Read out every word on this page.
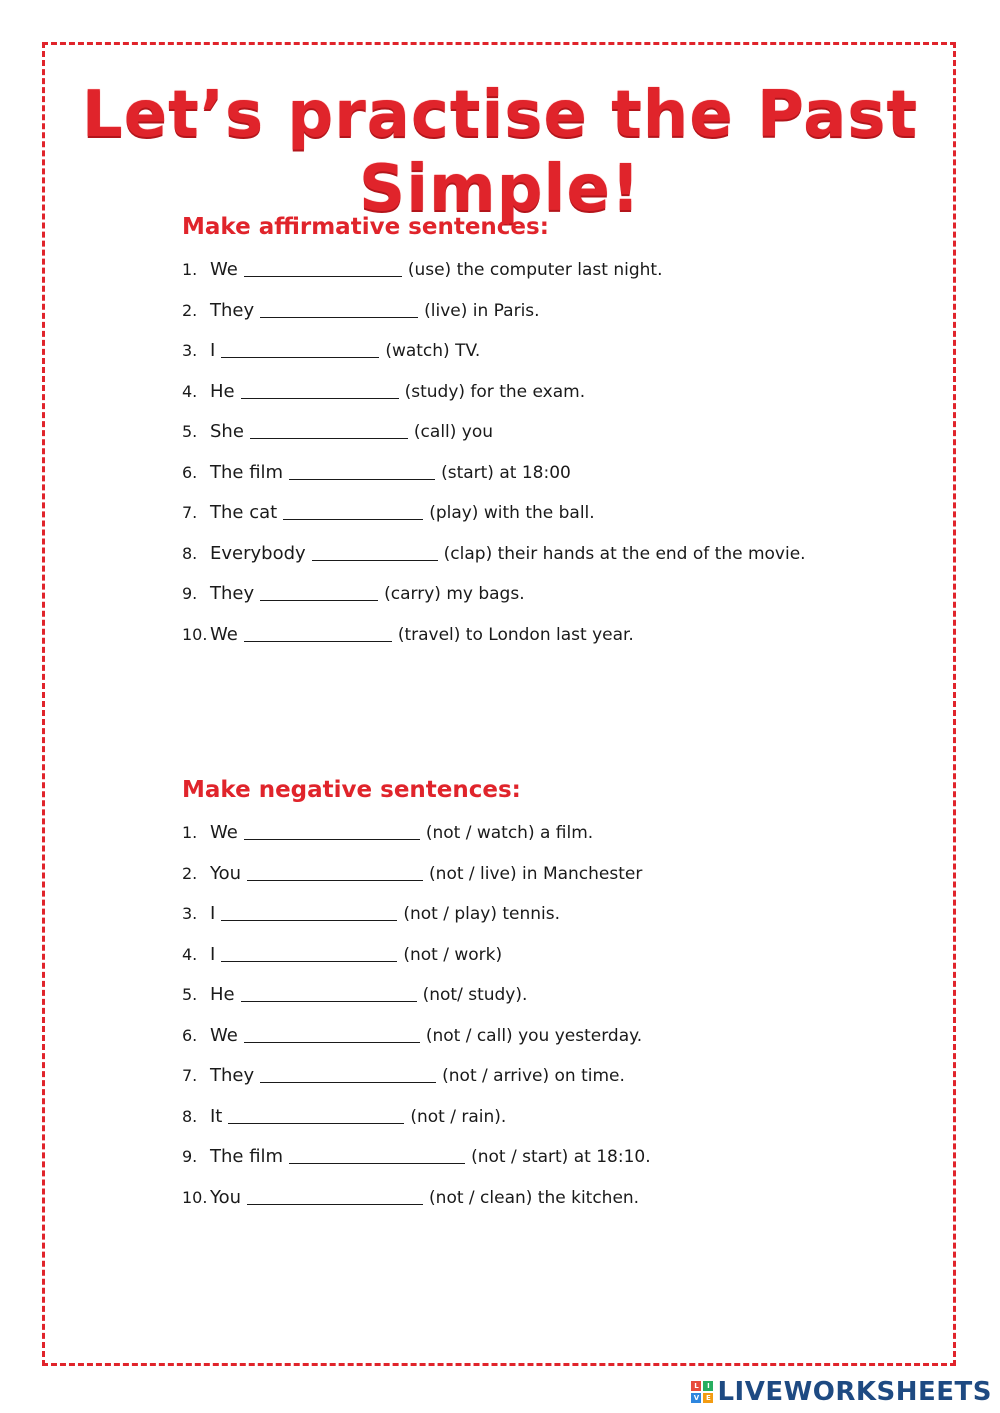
Let’s practise the Past Simple!
Make affirmative sentences:
1. We	(use) the computer last night.
2. They	(live) in Paris.
3. I	(watch) TV.
4. He	(study) for the exam.
5. She	(call) you
6. The film	(start) at 18:00
7. The cat	(play) with the ball.
8. Everybody	(clap) their hands at the end of the movie.
9. They	(carry) my bags.
10. We	(travel) to London last year.
Make negative sentences:
1. We	(not / watch) a film.
2. You	(not / live) in Manchester
3. I	(not / play) tennis.
4. I	(not / work)
5. He	(not/ study).
6. We	(not / call) you yesterday.
7. They	(not / arrive) on time.
8. It	(not / rain).
9. The film	(not / start) at 18:10.
10. You	(not / clean) the kitchen.
L	I
V E LIVEWORKSHEETS
